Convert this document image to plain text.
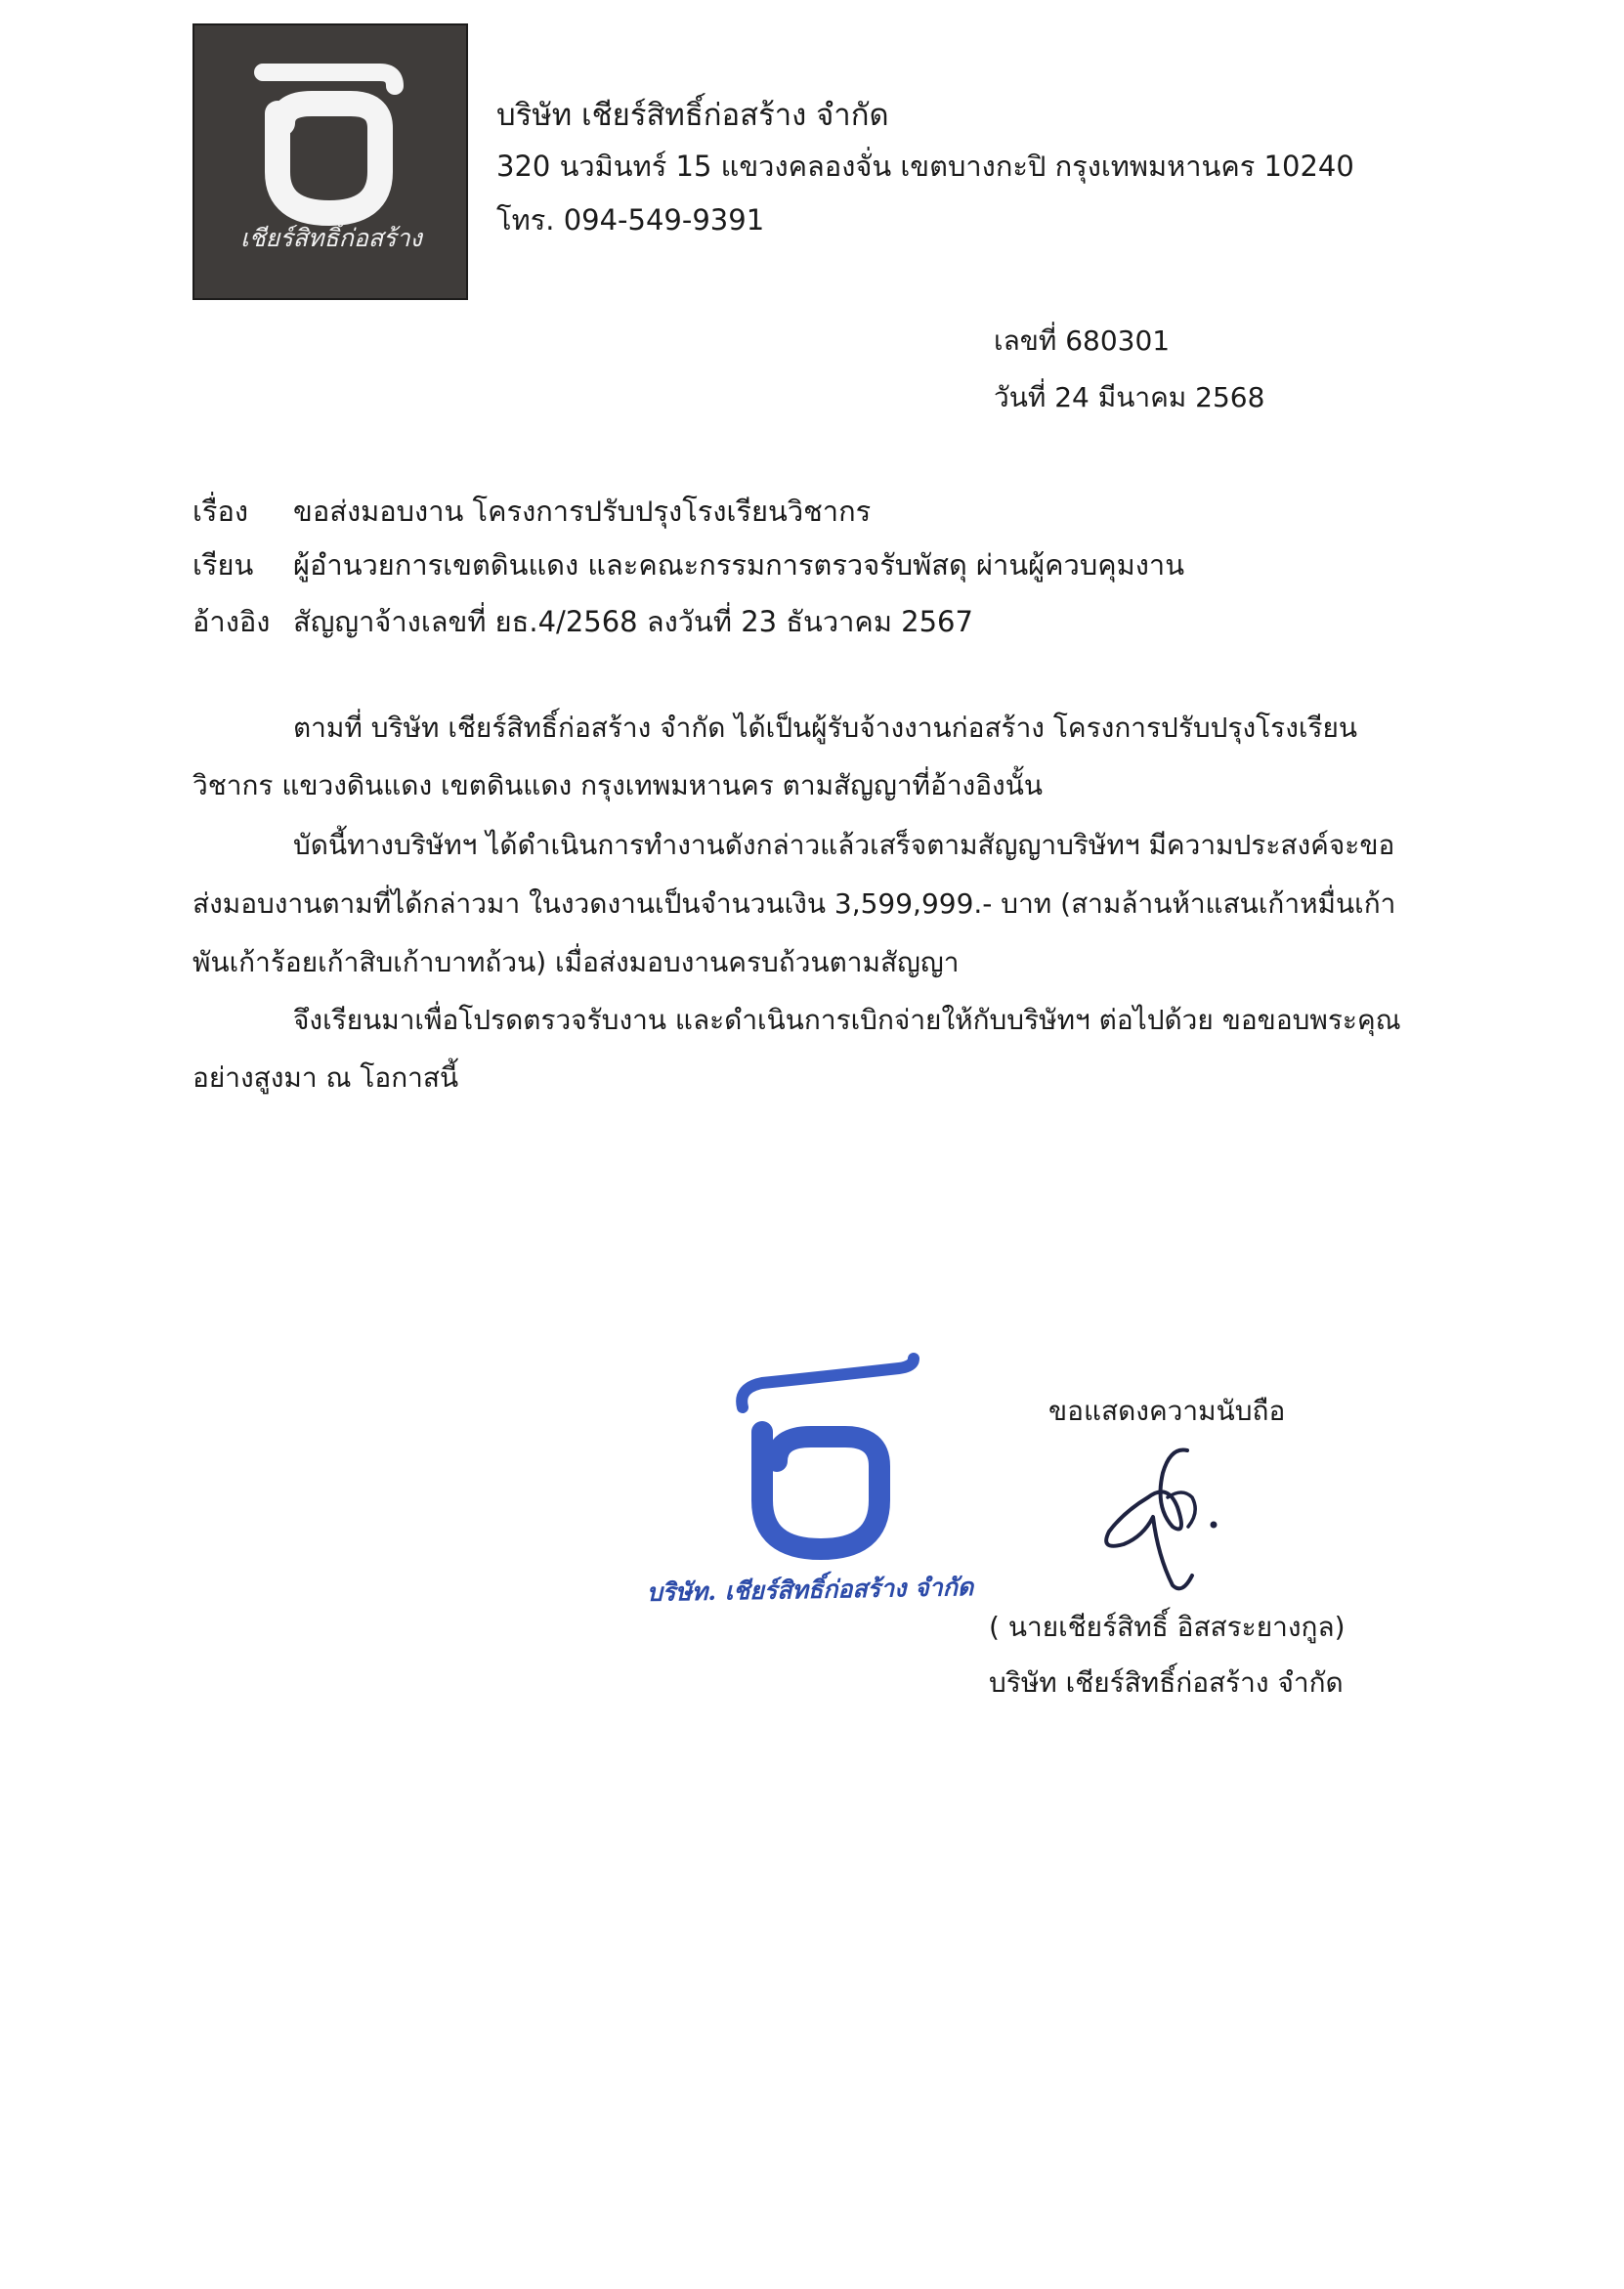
เชียร์สิทธิ์ก่อสร้าง
บริษัท เชียร์สิทธิ์ก่อสร้าง จำกัด
320 นวมินทร์ 15 แขวงคลองจั่น เขตบางกะปิ กรุงเทพมหานคร 10240
โทร. 094-549-9391
เลขที่ 680301
วันที่ 24 มีนาคม 2568
เรื่อง ขอส่งมอบงาน โครงการปรับปรุงโรงเรียนวิชากร
เรียน ผู้อำนวยการเขตดินแดง และคณะกรรมการตรวจรับพัสดุ ผ่านผู้ควบคุมงาน
อ้างอิง สัญญาจ้างเลขที่ ยธ.4/2568 ลงวันที่ 23 ธันวาคม 2567
ตามที่ บริษัท เชียร์สิทธิ์ก่อสร้าง จำกัด ได้เป็นผู้รับจ้างงานก่อสร้าง โครงการปรับปรุงโรงเรียน
วิชากร แขวงดินแดง เขตดินแดง กรุงเทพมหานคร ตามสัญญาที่อ้างอิงนั้น
บัดนี้ทางบริษัทฯ ได้ดำเนินการทำงานดังกล่าวแล้วเสร็จตามสัญญาบริษัทฯ มีความประสงค์จะขอ
ส่งมอบงานตามที่ได้กล่าวมา ในงวดงานเป็นจำนวนเงิน 3,599,999.- บาท (สามล้านห้าแสนเก้าหมื่นเก้า
พันเก้าร้อยเก้าสิบเก้าบาทถ้วน) เมื่อส่งมอบงานครบถ้วนตามสัญญา
จึงเรียนมาเพื่อโปรดตรวจรับงาน และดำเนินการเบิกจ่ายให้กับบริษัทฯ ต่อไปด้วย ขอขอบพระคุณ
อย่างสูงมา ณ โอกาสนี้
บริษัท. เชียร์สิทธิ์ก่อสร้าง จำกัด
ขอแสดงความนับถือ
( นายเชียร์สิทธิ์ อิสสระยางกูล)
บริษัท เชียร์สิทธิ์ก่อสร้าง จำกัด
